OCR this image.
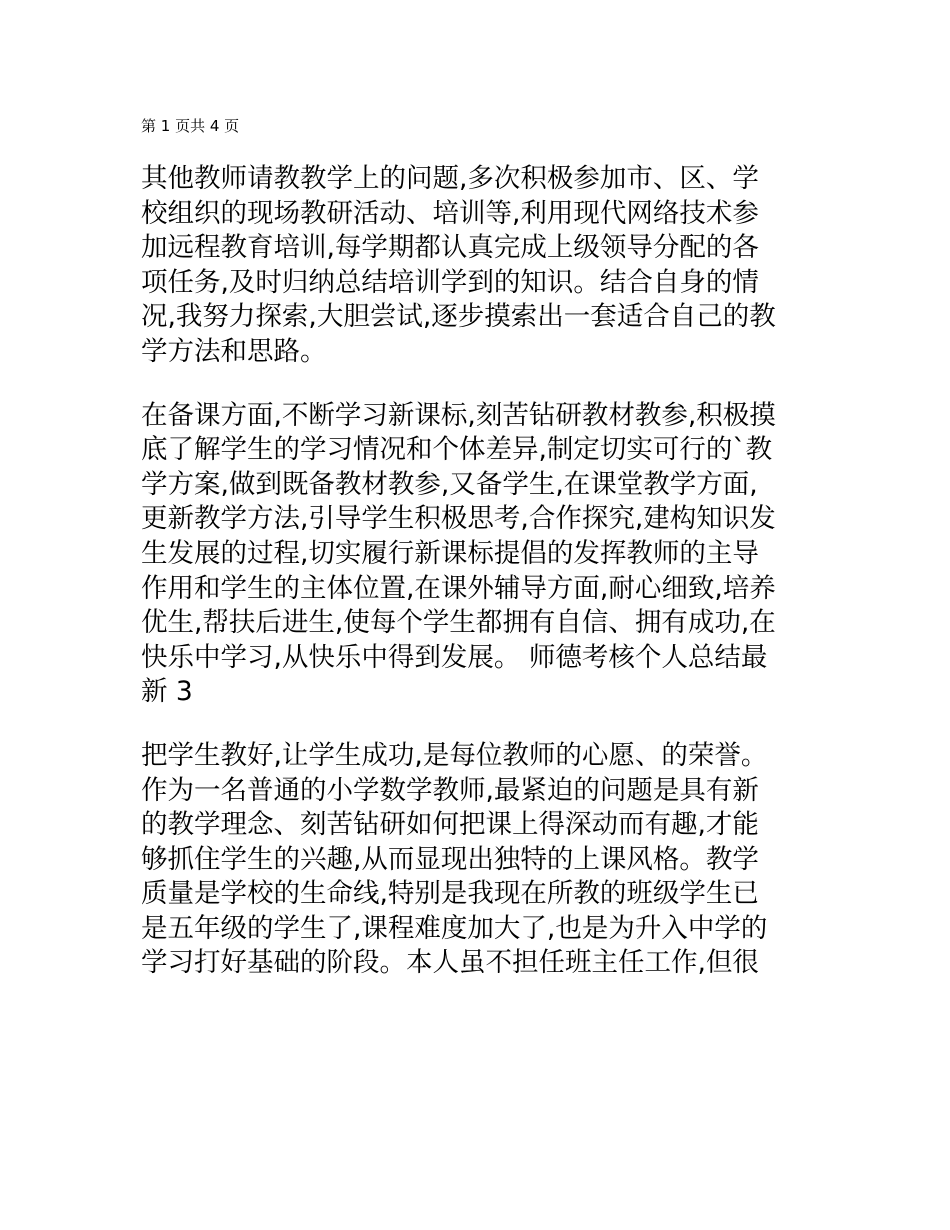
第 1 页共 4 页
其他教师请教教学上的问题,多次积极参加市、区、学
校组织的现场教研活动、培训等,利用现代网络技术参
加远程教育培训,每学期都认真完成上级领导分配的各
项任务,及时归纳总结培训学到的知识。结合自身的情
况,我努力探索,大胆尝试,逐步摸索出一套适合自己的教
学方法和思路。
在备课方面,不断学习新课标,刻苦钻研教材教参,积极摸
底了解学生的学习情况和个体差异,制定切实可行的`教
学方案,做到既备教材教参,又备学生,在课堂教学方面,
更新教学方法,引导学生积极思考,合作探究,建构知识发
生发展的过程,切实履行新课标提倡的发挥教师的主导
作用和学生的主体位置,在课外辅导方面,耐心细致,培养
优生,帮扶后进生,使每个学生都拥有自信、拥有成功,在
快乐中学习,从快乐中得到发展。 师德考核个人总结最
新 3
把学生教好,让学生成功,是每位教师的心愿、的荣誉。
作为一名普通的小学数学教师,最紧迫的问题是具有新
的教学理念、刻苦钻研如何把课上得深动而有趣,才能
够抓住学生的兴趣,从而显现出独特的上课风格。教学
质量是学校的生命线,特别是我现在所教的班级学生已
是五年级的学生了,课程难度加大了,也是为升入中学的
学习打好基础的阶段。本人虽不担任班主任工作,但很
